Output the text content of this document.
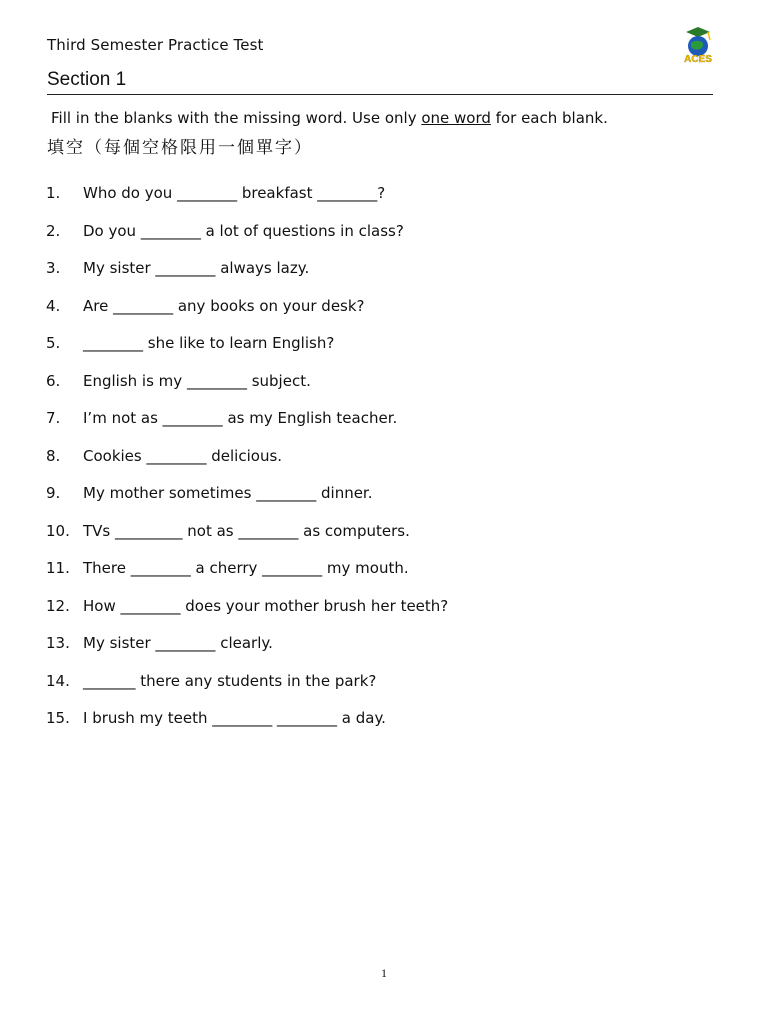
Third Semester Practice Test
ACES
Section 1
Fill in the blanks with the missing word. Use only one word for each blank.
填空（每個空格限用一個單字）
1. Who do you ________ breakfast ________?
2. Do you ________ a lot of questions in class?
3. My sister ________ always lazy.
4. Are ________ any books on your desk?
5. ________ she like to learn English?
6. English is my ________ subject.
7. I’m not as ________ as my English teacher.
8. Cookies ________ delicious.
9. My mother sometimes ________ dinner.
10. TVs _________ not as ________ as computers.
11. There ________ a cherry ________ my mouth.
12. How ________ does your mother brush her teeth?
13. My sister ________ clearly.
14. _______ there any students in the park?
15. I brush my teeth ________ ________ a day.
1
